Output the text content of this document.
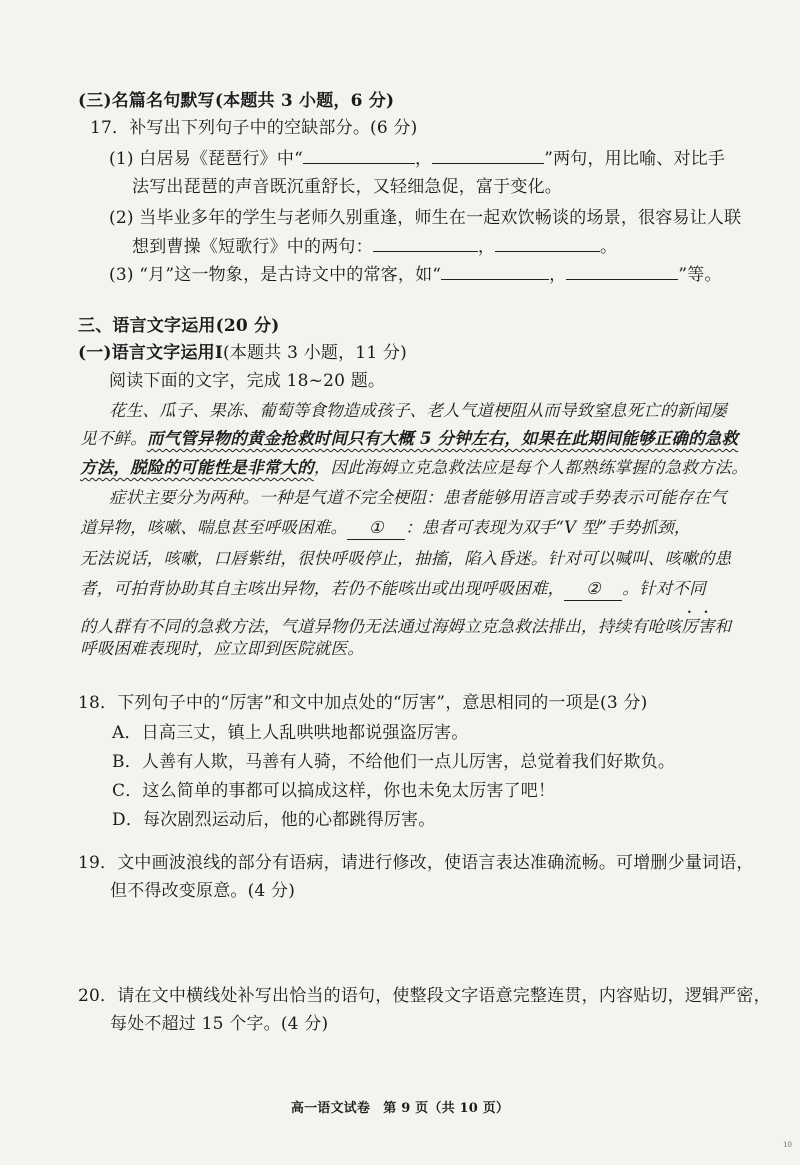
(三)名篇名句默写(本题共 3 小题，6 分)
17．补写出下列句子中的空缺部分。(6 分)
(1) 白居易《琵琶行》中“	，	”两句，用比喻、对比手
法写出琵琶的声音既沉重舒长，又轻细急促，富于变化。
(2) 当毕业多年的学生与老师久别重逢，师生在一起欢饮畅谈的场景，很容易让人联
想到曹操《短歌行》中的两句：	，	。
(3) “月”这一物象，是古诗文中的常客，如“	，	”等。
三、语言文字运用(20 分)
(一)语言文字运用Ⅰ(本题共 3 小题，11 分)
阅读下面的文字，完成 18~20 题。
花生、瓜子、果冻、葡萄等食物造成孩子、老人气道梗阻从而导致窒息死亡的新闻屡
见不鲜。而气管异物的黄金抢救时间只有大概 5 分钟左右，如果在此期间能够正确的急救
方法，脱险的可能性是非常大的，因此海姆立克急救法应是每个人都熟练掌握的急救方法。
症状主要分为两种。一种是气道不完全梗阻：患者能够用语言或手势表示可能存在气
道异物，咳嗽、喘息甚至呼吸困难。 ① ：患者可表现为双手“V 型”手势抓颈，
无法说话，咳嗽，口唇紫绀，很快呼吸停止，抽搐，陷入昏迷。针对可以喊叫、咳嗽的患
者，可拍背协助其自主咳出异物，若仍不能咳出或出现呼吸困难， ② 。针对不同
的人群有不同的急救方法，气道异物仍无法通过海姆立克急救法排出，持续有呛咳厉害和
呼吸困难表现时，应立即到医院就医。
18．下列句子中的“厉害”和文中加点处的“厉害”，意思相同的一项是(3 分)
A．日高三丈，镇上人乱哄哄地都说强盗厉害。
B．人善有人欺，马善有人骑，不给他们一点儿厉害，总觉着我们好欺负。
C．这么简单的事都可以搞成这样，你也未免太厉害了吧！
D．每次剧烈运动后，他的心都跳得厉害。
19．文中画波浪线的部分有语病，请进行修改，使语言表达准确流畅。可增删少量词语，
但不得改变原意。(4 分)
20．请在文中横线处补写出恰当的语句，使整段文字语意完整连贯，内容贴切，逻辑严密，
每处不超过 15 个字。(4 分)
高一语文试卷　第 9 页（共 10 页）
10
